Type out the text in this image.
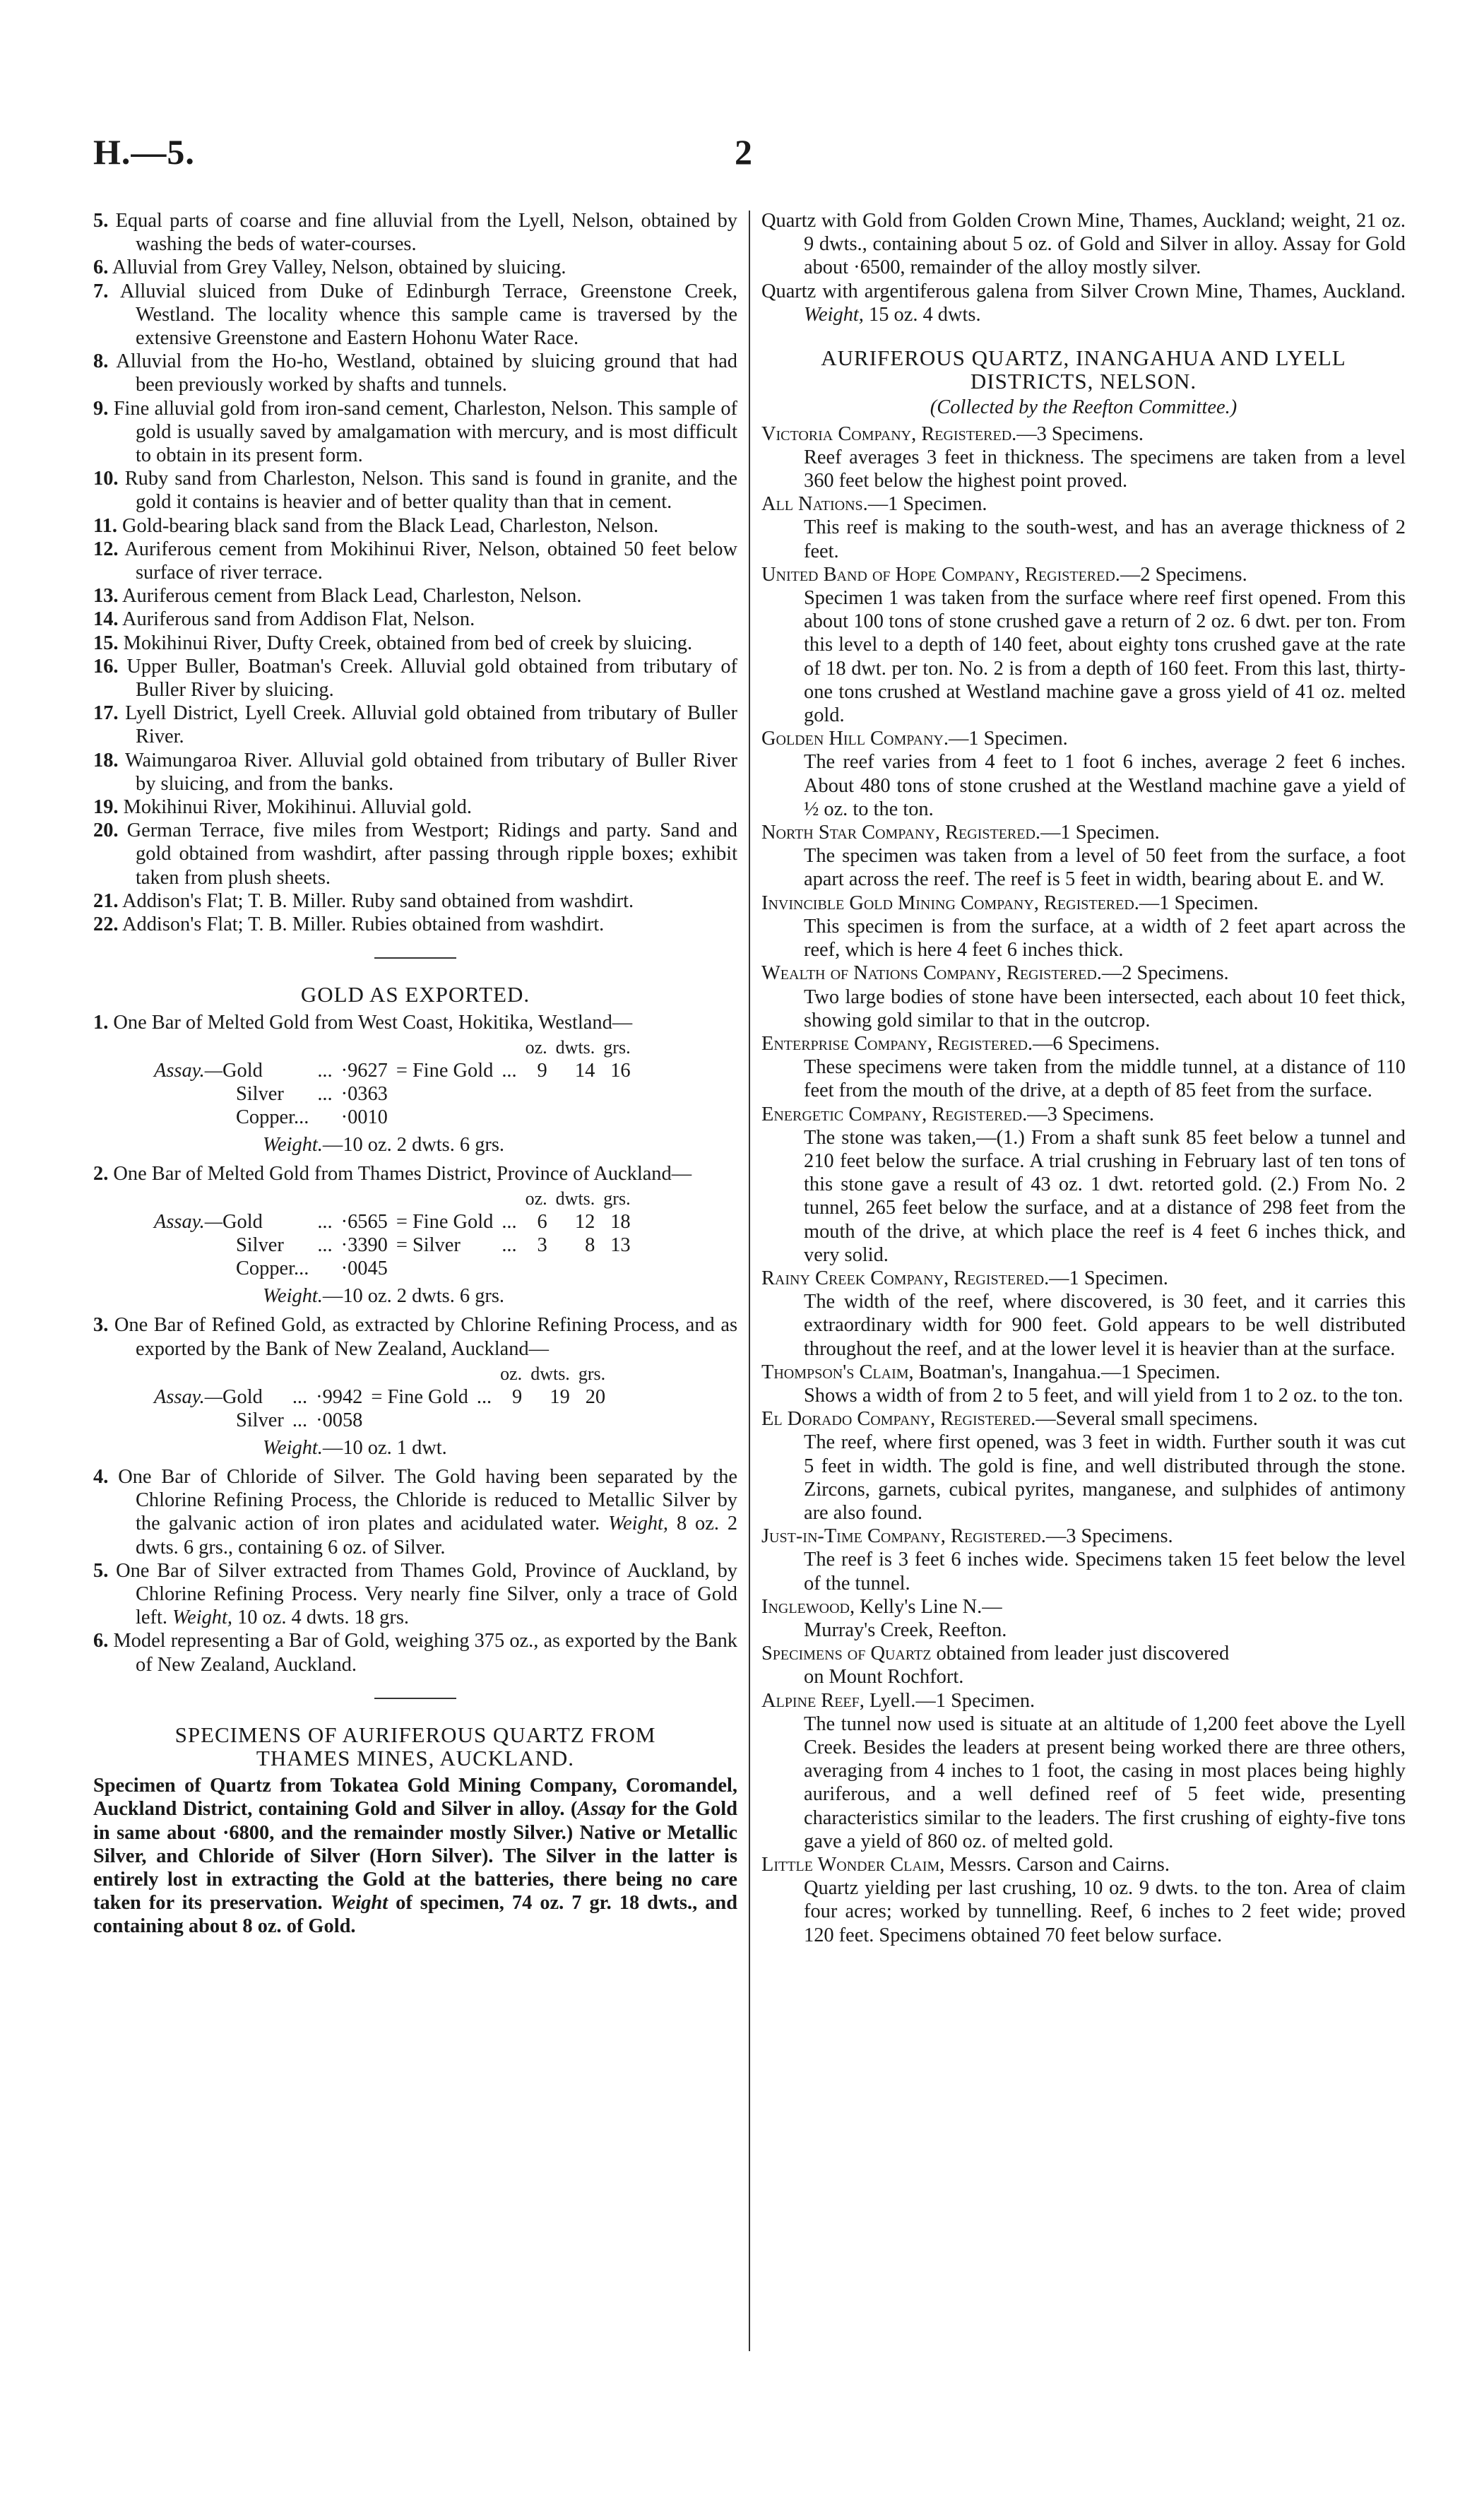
H.—5.	2

5. Equal parts of coarse and fine alluvial from the Lyell, Nelson, obtained by washing the beds of water-courses.

6. Alluvial from Grey Valley, Nelson, obtained by sluicing.

7. Alluvial sluiced from Duke of Edinburgh Terrace, Greenstone Creek, Westland. The locality whence this sample came is traversed by the extensive Greenstone and Eastern Hohonu Water Race.

8. Alluvial from the Ho-ho, Westland, obtained by sluicing ground that had been previously worked by shafts and tunnels.

9. Fine alluvial gold from iron-sand cement, Charleston, Nelson. This sample of gold is usually saved by amalgamation with mercury, and is most difficult to obtain in its present form.

10. Ruby sand from Charleston, Nelson. This sand is found in granite, and the gold it contains is heavier and of better quality than that in cement.

11. Gold-bearing black sand from the Black Lead, Charleston, Nelson.

12. Auriferous cement from Mokihinui River, Nelson, obtained 50 feet below surface of river terrace.

13. Auriferous cement from Black Lead, Charleston, Nelson.

14. Auriferous sand from Addison Flat, Nelson.

15. Mokihinui River, Dufty Creek, obtained from bed of creek by sluicing.

16. Upper Buller, Boatman's Creek. Alluvial gold obtained from tributary of Buller River by sluicing.

17. Lyell District, Lyell Creek. Alluvial gold obtained from tributary of Buller River.

18. Waimungaroa River. Alluvial gold obtained from tributary of Buller River by sluicing, and from the banks.

19. Mokihinui River, Mokihinui. Alluvial gold.

20. German Terrace, five miles from Westport; Ridings and party. Sand and gold obtained from washdirt, after passing through ripple boxes; exhibit taken from plush sheets.

21. Addison's Flat; T. B. Miller. Ruby sand obtained from washdirt.

22. Addison's Flat; T. B. Miller. Rubies obtained from washdirt.

GOLD AS EXPORTED.

1. One Bar of Melted Gold from West Coast, Hokitika, Westland—

					oz.	dwts.	grs.
Assay.—Gold	...	·9627	= Fine Gold	...	9	14	16
Silver	...	·0363					
Copper...		·0010					
Weight.—10 oz. 2 dwts. 6 grs.

2. One Bar of Melted Gold from Thames District, Province of Auckland—

					oz.	dwts.	grs.
Assay.—Gold	...	·6565	= Fine Gold	...	6	12	18
Silver	...	·3390	= Silver	...	3	8	13
Copper...		·0045					
Weight.—10 oz. 2 dwts. 6 grs.

3. One Bar of Refined Gold, as extracted by Chlorine Refining Process, and as exported by the Bank of New Zealand, Auckland—

					oz.	dwts.	grs.
Assay.—Gold	...	·9942	= Fine Gold	...	9	19	20
Silver	...	·0058					
Weight.—10 oz. 1 dwt.

4. One Bar of Chloride of Silver. The Gold having been separated by the Chlorine Refining Process, the Chloride is reduced to Metallic Silver by the galvanic action of iron plates and acidulated water. Weight, 8 oz. 2 dwts. 6 grs., containing 6 oz. of Silver.

5. One Bar of Silver extracted from Thames Gold, Province of Auckland, by Chlorine Refining Process. Very nearly fine Silver, only a trace of Gold left. Weight, 10 oz. 4 dwts. 18 grs.

6. Model representing a Bar of Gold, weighing 375 oz., as exported by the Bank of New Zealand, Auckland.

SPECIMENS OF AURIFEROUS QUARTZ FROM
THAMES MINES, AUCKLAND.

Specimen of Quartz from Tokatea Gold Mining Company, Coromandel, Auckland District, containing Gold and Silver in alloy. (Assay for the Gold in same about ·6800, and the remainder mostly Silver.) Native or Metallic Silver, and Chloride of Silver (Horn Silver). The Silver in the latter is entirely lost in extracting the Gold at the batteries, there being no care taken for its preservation. Weight of specimen, 74 oz. 7 gr. 18 dwts., and containing about 8 oz. of Gold.

Quartz with Gold from Golden Crown Mine, Thames, Auckland; weight, 21 oz. 9 dwts., containing about 5 oz. of Gold and Silver in alloy. Assay for Gold about ·6500, remainder of the alloy mostly silver.

Quartz with argentiferous galena from Silver Crown Mine, Thames, Auckland. Weight, 15 oz. 4 dwts.

AURIFEROUS QUARTZ, INANGAHUA AND LYELL
DISTRICTS, NELSON.
(Collected by the Reefton Committee.)

Victoria Company, Registered.—3 Specimens.

Reef averages 3 feet in thickness. The specimens are taken from a level 360 feet below the highest point proved.

All Nations.—1 Specimen.

This reef is making to the south-west, and has an average thickness of 2 feet.

United Band of Hope Company, Registered.—2 Specimens.

Specimen 1 was taken from the surface where reef first opened. From this about 100 tons of stone crushed gave a return of 2 oz. 6 dwt. per ton. From this level to a depth of 140 feet, about eighty tons crushed gave at the rate of 18 dwt. per ton. No. 2 is from a depth of 160 feet. From this last, thirty-one tons crushed at Westland machine gave a gross yield of 41 oz. melted gold.

Golden Hill Company.—1 Specimen.

The reef varies from 4 feet to 1 foot 6 inches, average 2 feet 6 inches. About 480 tons of stone crushed at the Westland machine gave a yield of ½ oz. to the ton.

North Star Company, Registered.—1 Specimen.

The specimen was taken from a level of 50 feet from the surface, a foot apart across the reef. The reef is 5 feet in width, bearing about E. and W.

Invincible Gold Mining Company, Registered.—1 Specimen.

This specimen is from the surface, at a width of 2 feet apart across the reef, which is here 4 feet 6 inches thick.

Wealth of Nations Company, Registered.—2 Specimens.

Two large bodies of stone have been intersected, each about 10 feet thick, showing gold similar to that in the outcrop.

Enterprise Company, Registered.—6 Specimens.

These specimens were taken from the middle tunnel, at a distance of 110 feet from the mouth of the drive, at a depth of 85 feet from the surface.

Energetic Company, Registered.—3 Specimens.

The stone was taken,—(1.) From a shaft sunk 85 feet below a tunnel and 210 feet below the surface. A trial crushing in February last of ten tons of this stone gave a result of 43 oz. 1 dwt. retorted gold. (2.) From No. 2 tunnel, 265 feet below the surface, and at a distance of 298 feet from the mouth of the drive, at which place the reef is 4 feet 6 inches thick, and very solid.

Rainy Creek Company, Registered.—1 Specimen.

The width of the reef, where discovered, is 30 feet, and it carries this extraordinary width for 900 feet. Gold appears to be well distributed throughout the reef, and at the lower level it is heavier than at the surface.

Thompson's Claim, Boatman's, Inangahua.—1 Specimen.

Shows a width of from 2 to 5 feet, and will yield from 1 to 2 oz. to the ton.

El Dorado Company, Registered.—Several small specimens.

The reef, where first opened, was 3 feet in width. Further south it was cut 5 feet in width. The gold is fine, and well distributed through the stone. Zircons, garnets, cubical pyrites, manganese, and sulphides of antimony are also found.

Just-in-Time Company, Registered.—3 Specimens.

The reef is 3 feet 6 inches wide. Specimens taken 15 feet below the level of the tunnel.

Inglewood, Kelly's Line N.—

Murray's Creek, Reefton.

Specimens of Quartz obtained from leader just discovered

on Mount Rochfort.

Alpine Reef, Lyell.—1 Specimen.

The tunnel now used is situate at an altitude of 1,200 feet above the Lyell Creek. Besides the leaders at present being worked there are three others, averaging from 4 inches to 1 foot, the casing in most places being highly auriferous, and a well defined reef of 5 feet wide, presenting characteristics similar to the leaders. The first crushing of eighty-five tons gave a yield of 860 oz. of melted gold.

Little Wonder Claim, Messrs. Carson and Cairns.

Quartz yielding per last crushing, 10 oz. 9 dwts. to the ton. Area of claim four acres; worked by tunnelling. Reef, 6 inches to 2 feet wide; proved 120 feet. Specimens obtained 70 feet below surface.
